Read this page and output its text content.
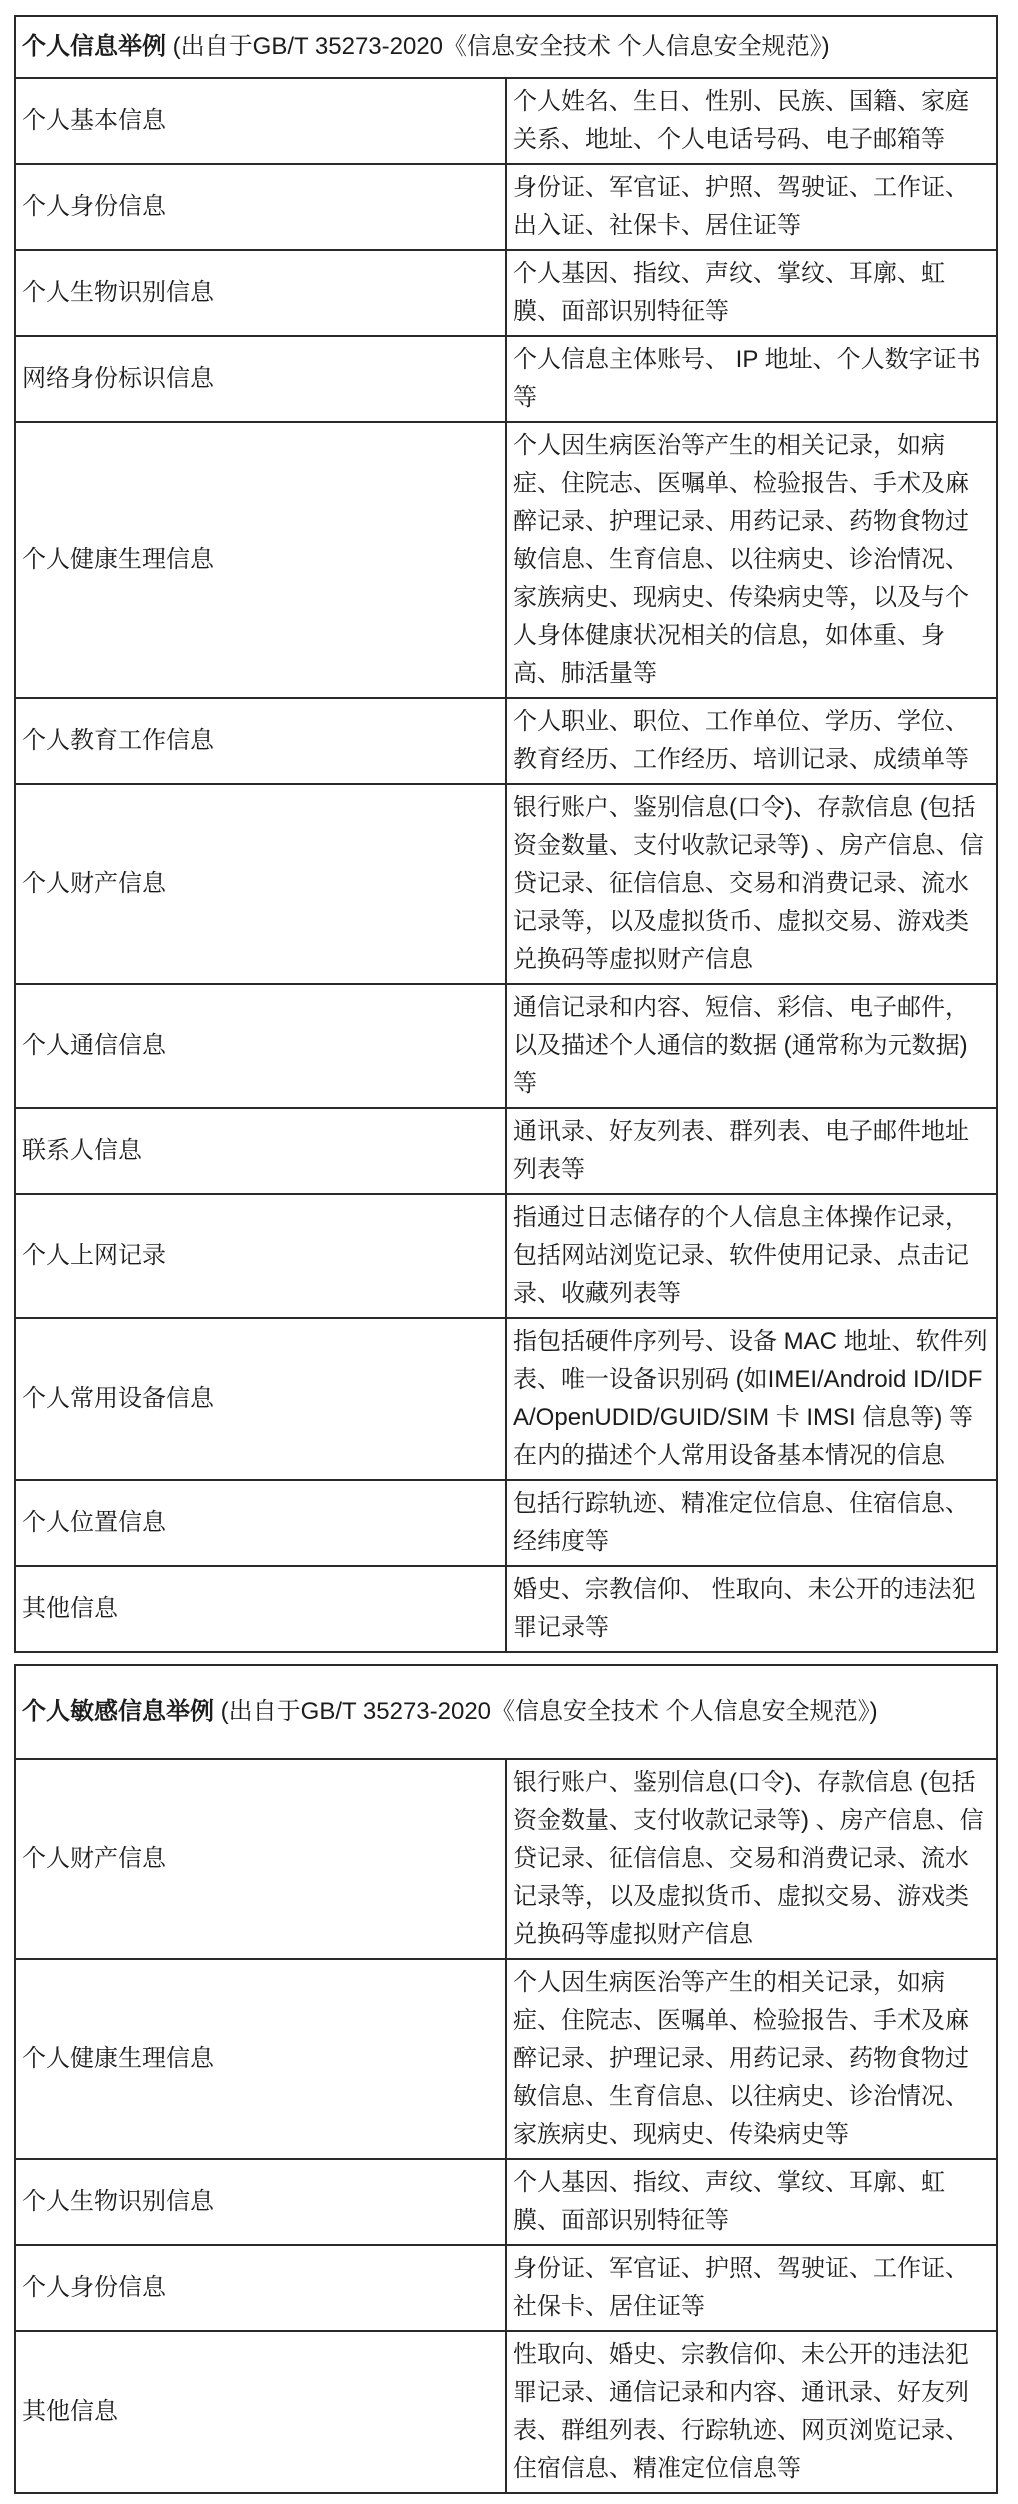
个人信息举例 (出自于GB/T 35273-2020《信息安全技术 个人信息安全规范》)	
个人基本信息	个人姓名、生日、性别、民族、国籍、家庭关系、地址、个人电话号码、电子邮箱等
个人身份信息	身份证、军官证、护照、驾驶证、工作证、出入证、社保卡、居住证等
个人生物识别信息	个人基因、指纹、声纹、掌纹、耳廓、虹膜、面部识别特征等
网络身份标识信息	个人信息主体账号、 IP 地址、个人数字证书等
个人健康生理信息	个人因生病医治等产生的相关记录，如病症、住院志、医嘱单、检验报告、手术及麻醉记录、护理记录、用药记录、药物食物过敏信息、生育信息、以往病史、诊治情况、家族病史、现病史、传染病史等，以及与个人身体健康状况相关的信息，如体重、身高、肺活量等
个人教育工作信息	个人职业、职位、工作单位、学历、学位、教育经历、工作经历、培训记录、成绩单等
个人财产信息	银行账户、鉴别信息(口令)、存款信息 (包括资金数量、支付收款记录等) 、房产信息、信贷记录、征信信息、交易和消费记录、流水记录等，以及虚拟货币、虚拟交易、游戏类兑换码等虚拟财产信息
个人通信信息	通信记录和内容、短信、彩信、电子邮件，以及描述个人通信的数据 (通常称为元数据) 等
联系人信息	通讯录、好友列表、群列表、电子邮件地址列表等
个人上网记录	指通过日志储存的个人信息主体操作记录，包括网站浏览记录、软件使用记录、点击记录、收藏列表等
个人常用设备信息	指包括硬件序列号、设备 MAC 地址、软件列表、唯一设备识别码 (如IMEI/Android ID/IDFA/OpenUDID/GUID/SIM 卡 IMSI 信息等) 等在内的描述个人常用设备基本情况的信息
个人位置信息	包括行踪轨迹、精准定位信息、住宿信息、经纬度等
其他信息	婚史、宗教信仰、 性取向、未公开的违法犯罪记录等
个人敏感信息举例 (出自于GB/T 35273-2020《信息安全技术 个人信息安全规范》)	
个人财产信息	银行账户、鉴别信息(口令)、存款信息 (包括资金数量、支付收款记录等) 、房产信息、信贷记录、征信信息、交易和消费记录、流水记录等，以及虚拟货币、虚拟交易、游戏类兑换码等虚拟财产信息
个人健康生理信息	个人因生病医治等产生的相关记录，如病症、住院志、医嘱单、检验报告、手术及麻醉记录、护理记录、用药记录、药物食物过敏信息、生育信息、以往病史、诊治情况、家族病史、现病史、传染病史等
个人生物识别信息	个人基因、指纹、声纹、掌纹、耳廓、虹膜、面部识别特征等
个人身份信息	身份证、军官证、护照、驾驶证、工作证、社保卡、居住证等
其他信息	性取向、婚史、宗教信仰、未公开的违法犯罪记录、通信记录和内容、通讯录、好友列表、群组列表、行踪轨迹、网页浏览记录、住宿信息、精准定位信息等
